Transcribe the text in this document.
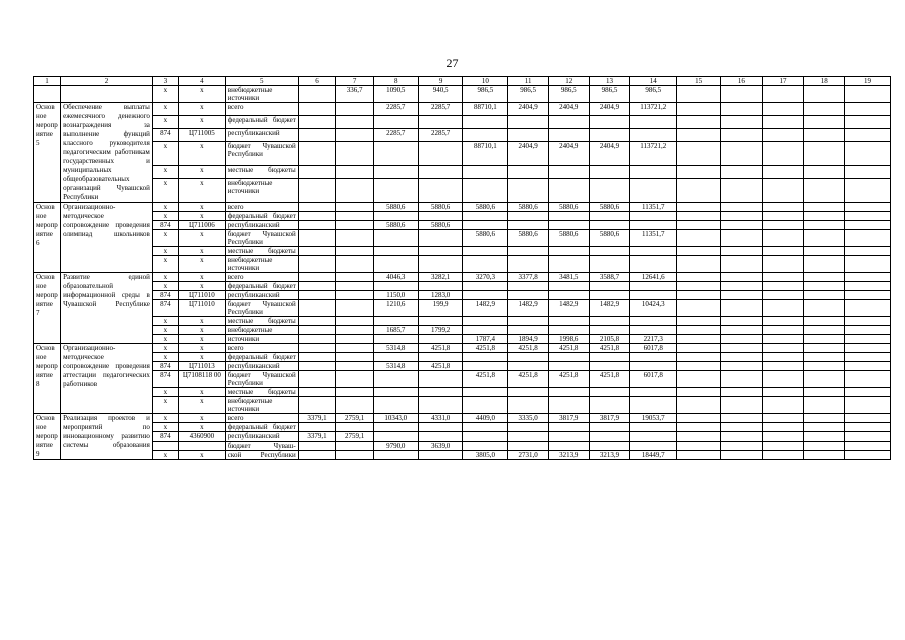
27
1	2	3	4	5	6	7	8	9	10	11	12	13	14	15	16	17	18	19
		x	x	внебюджетные источники		336,7	1090,5	940,5	986,5	986,5	986,5	986,5	986,5					
Основное мероприятие 5	Обеспечение выплаты ежемесячного денежного вознаграждения за выполнение функций классного руководителя педагогическим работникам государственных и муниципальных общеобразовательных организаций Чувашской Республики	x	x	всего			2285,7	2285,7	88710,1	2404,9	2404,9	2404,9	113721,2					
		x	x	федеральный бюджет														
		874	Ц711005	республиканский			2285,7	2285,7										
		x	x	бюджет Чувашской Республики					88710,1	2404,9	2404,9	2404,9	113721,2					
		x	x	местные бюджеты														
		x	x	внебюджетные источники														
Основное мероприятие 6	Организационно-методическое сопровождение проведения олимпиад школьников	x	x	всего			5880,6	5880,6	5880,6	5880,6	5880,6	5880,6	11351,7					
		x	x	федеральный бюджет														
		874	Ц711006	республиканский			5880,6	5880,6										
		x	x	бюджет Чувашской Республики					5880,6	5880,6	5880,6	5880,6	11351,7					
		x	x	местные бюджеты														
		x	x	внебюджетные источники														
Основное мероприятие 7	Развитие единой образовательной информационной среды в Чувашской Республике	x	x	всего			4046,3	3282,1	3270,3	3377,8	3481,5	3588,7	12641,6					
		x	x	федеральный бюджет														
		874	Ц711010	республиканский			1150,0	1283,0										
		874	Ц711010	бюджет Чувашской Республики			1210,6	199,9	1482,9	1482,9	1482,9	1482,9	10424,3					
		x	x	местные бюджеты														
		x	x	внебюджетные			1685,7	1799,2										
		x	x	источники					1787,4	1894,9	1998,6	2105,8	2217,3					
Основное мероприятие 8	Организационно-методическое сопровождение проведения аттестации педагогических работников	x	x	всего			5314,8	4251,8	4251,8	4251,8	4251,8	4251,8	6017,8					
		x	x	федеральный бюджет														
		874	Ц711013	республиканский			5314,8	4251,8										
		874	Ц7108118 00	бюджет Чувашской Республики					4251,8	4251,8	4251,8	4251,8	6017,8					
		x	x	местные бюджеты														
		x	x	внебюджетные источники														
Основное мероприятие 9	Реализация проектов и мероприятий по инновационному развитию системы образования	x	x	всего	3379,1	2759,1	10343,0	4331,0	4409,0	3335,0	3817,9	3817,9	19053,7					
		x	x	федеральный бюджет														
		874	4360900	республиканский	3379,1	2759,1												
				бюджет Чуваш-			9790,0	3639,0										
		x	x	ской Республики					3805,0	2731,0	3213,9	3213,9	18449,7					
